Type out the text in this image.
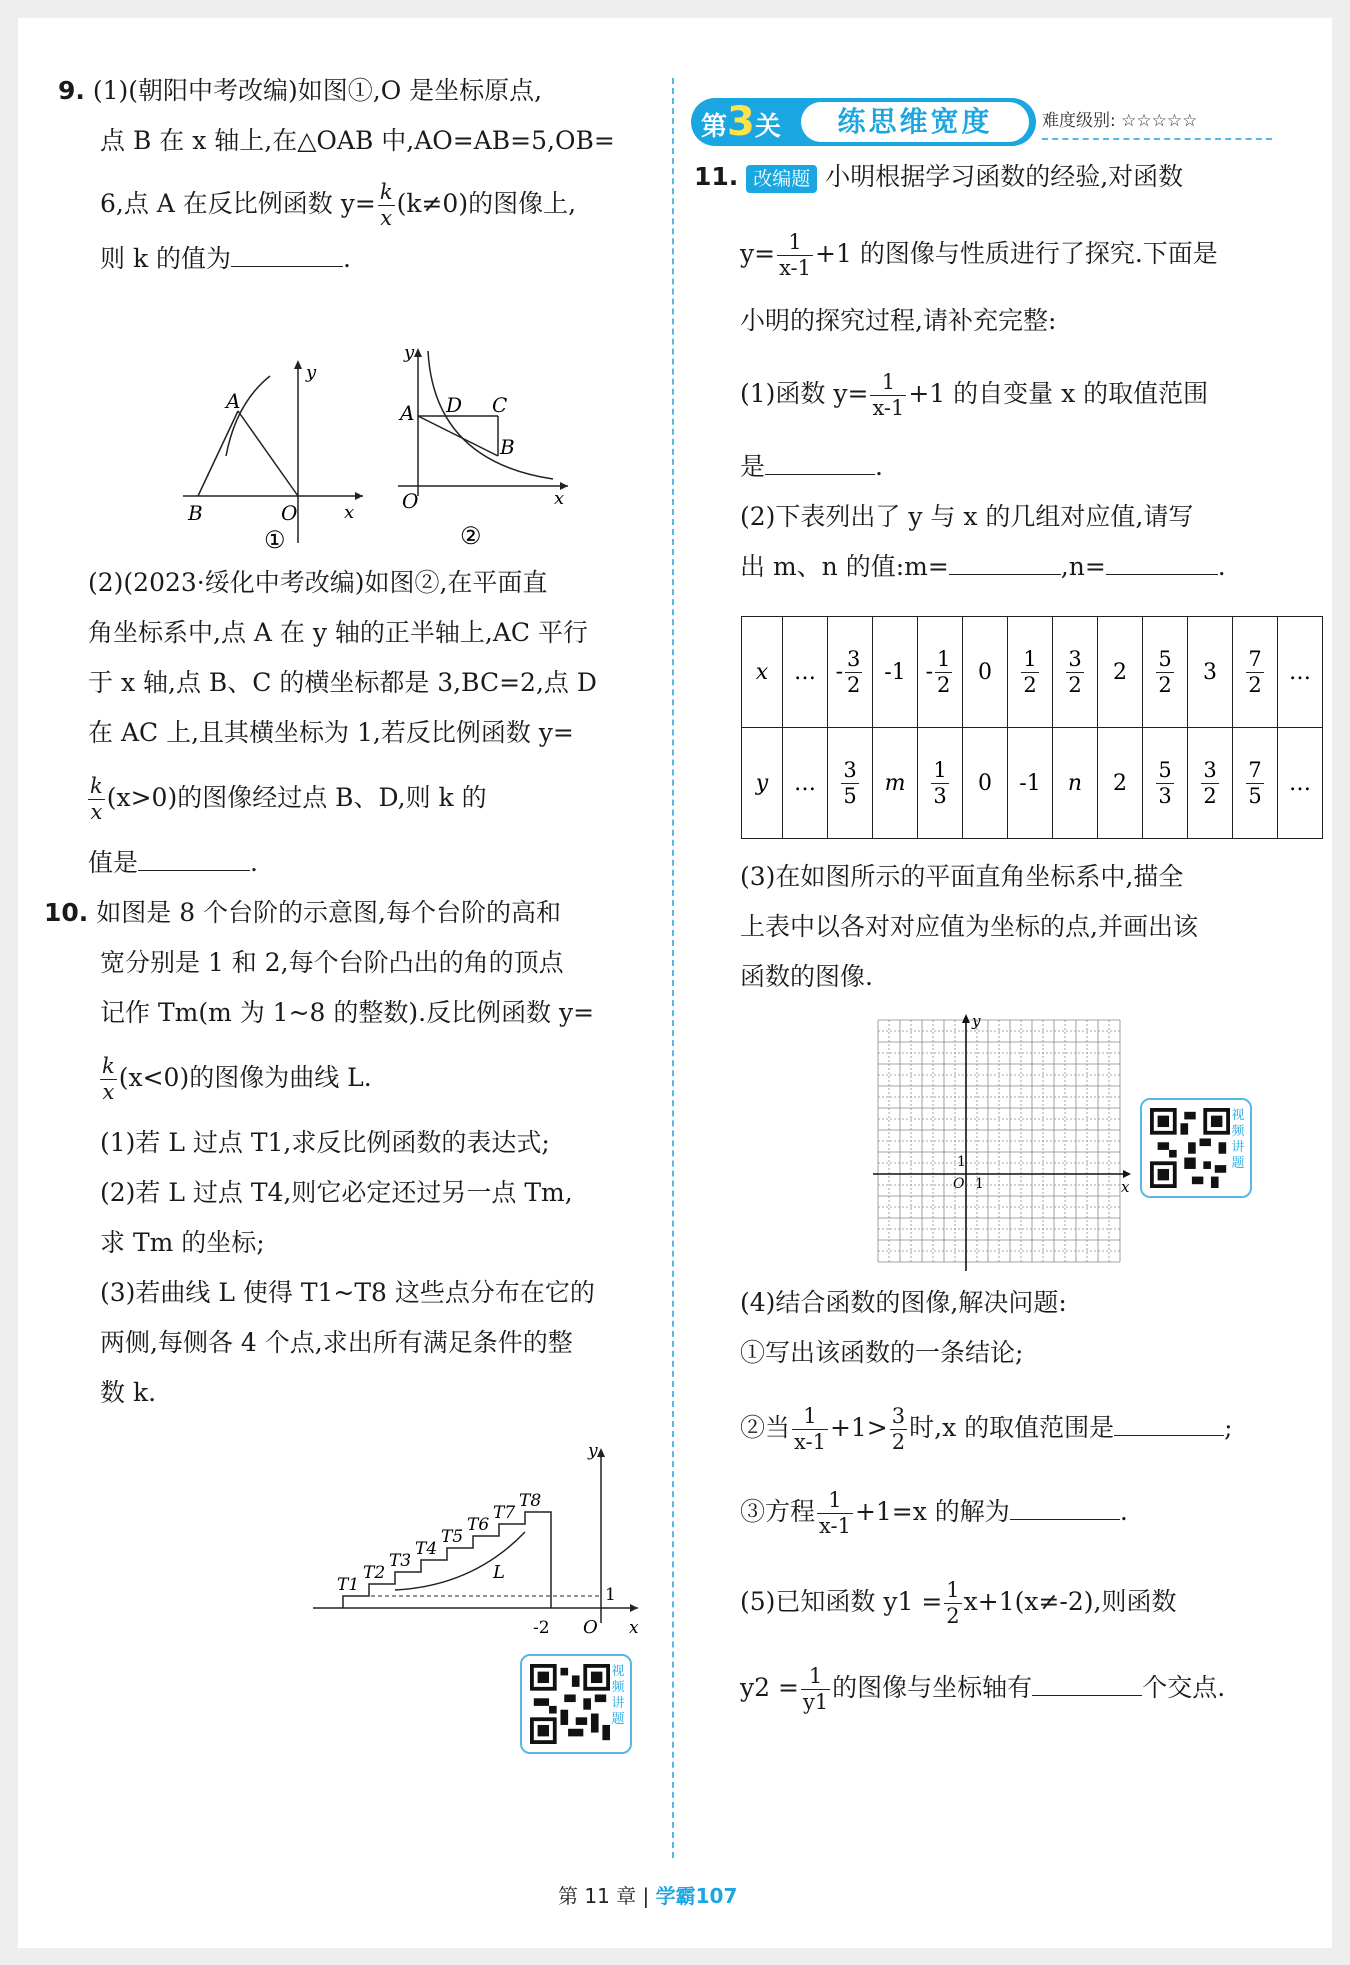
9. (1)(朝阳中考改编)如图①,O 是坐标原点,
点 B 在 x 轴上,在△OAB 中,AO=AB=5,OB=
6,点 A 在反比例函数 $y= \frac{k}{x} (k\ne 0)$的图像上,
则 k 的值为	.
A
B	O	x
y
①
A D C
B
O	x
y
②
(2)(2023·绥化中考改编)如图②,在平面直
角坐标系中,点 A 在 y 轴的正半轴上,AC 平行
于 x 轴,点 B、C 的横坐标都是 3,BC=2,点 D
在 AC 上,且其横坐标为 1,若反比例函数 y=
$\frac{k}{x} (x>0)$的图像经过点 B、D,则 k 的
值是	.
10. 如图是 8 个台阶的示意图,每个台阶的高和
宽分别是 1 和 2,每个台阶凸出的角的顶点
记作 Tm(m 为 1~8 的整数).反比例函数 y=
$\frac{k}{x} (x<0)$的图像为曲线 L.
(1)若 L 过点 T1,求反比例函数的表达式;
(2)若 L 过点 T4,则它必定还过另一点 Tm,
求 Tm 的坐标;
(3)若曲线 L 使得 T1~T8 这些点分布在它的
两侧,每侧各 4 个点,求出所有满足条件的整
数 k.
T1
T2
T3
T4
T5
T6
T7
T8
L
1
-2 O x
y
视频讲题
第3关	练思维宽度	难度级别: ☆☆☆☆☆
11. 改编题 小明根据学习函数的经验,对函数
$y= \frac{1}{x-1} +1$ 的图像与性质进行了探究.下面是
小明的探究过程,请补充完整:
(1)函数 $y= \frac{1}{x-1} +1$ 的自变量 x 的取值范围
是	.
(2)下表列出了 y 与 x 的几组对应值,请写
出 m、n 的值:m=	,n=	.
x	…	- $\frac{3}{2}$	-1	- $\frac{1}{2}$	0	$\frac{1}{2}$	$\frac{3}{2}$	2	$\frac{5}{2}$	3	$\frac{7}{2}$	…
y	…	$\frac{3}{5}$	m	$\frac{1}{3}$	0	-1	n	2	$\frac{5}{3}$	$\frac{3}{2}$	$\frac{7}{5}$	…
(3)在如图所示的平面直角坐标系中,描全
上表中以各对对应值为坐标的点,并画出该
函数的图像.
x
y
O 1
1
视频讲题
(4)结合函数的图像,解决问题:
①写出该函数的一条结论;
②当 $\frac{1}{x-1} +1> \frac{3}{2}$ 时,x 的取值范围是	;
③方程 $\frac{1}{x-1} +1=x$ 的解为	.
(5)已知函数 $y1 = \frac{1}{2} x+1(x\ne-2)$,则函数
$y2 = \frac{1}{y1}$ 的图像与坐标轴有	个交点.
第 11 章 | 学霸107
